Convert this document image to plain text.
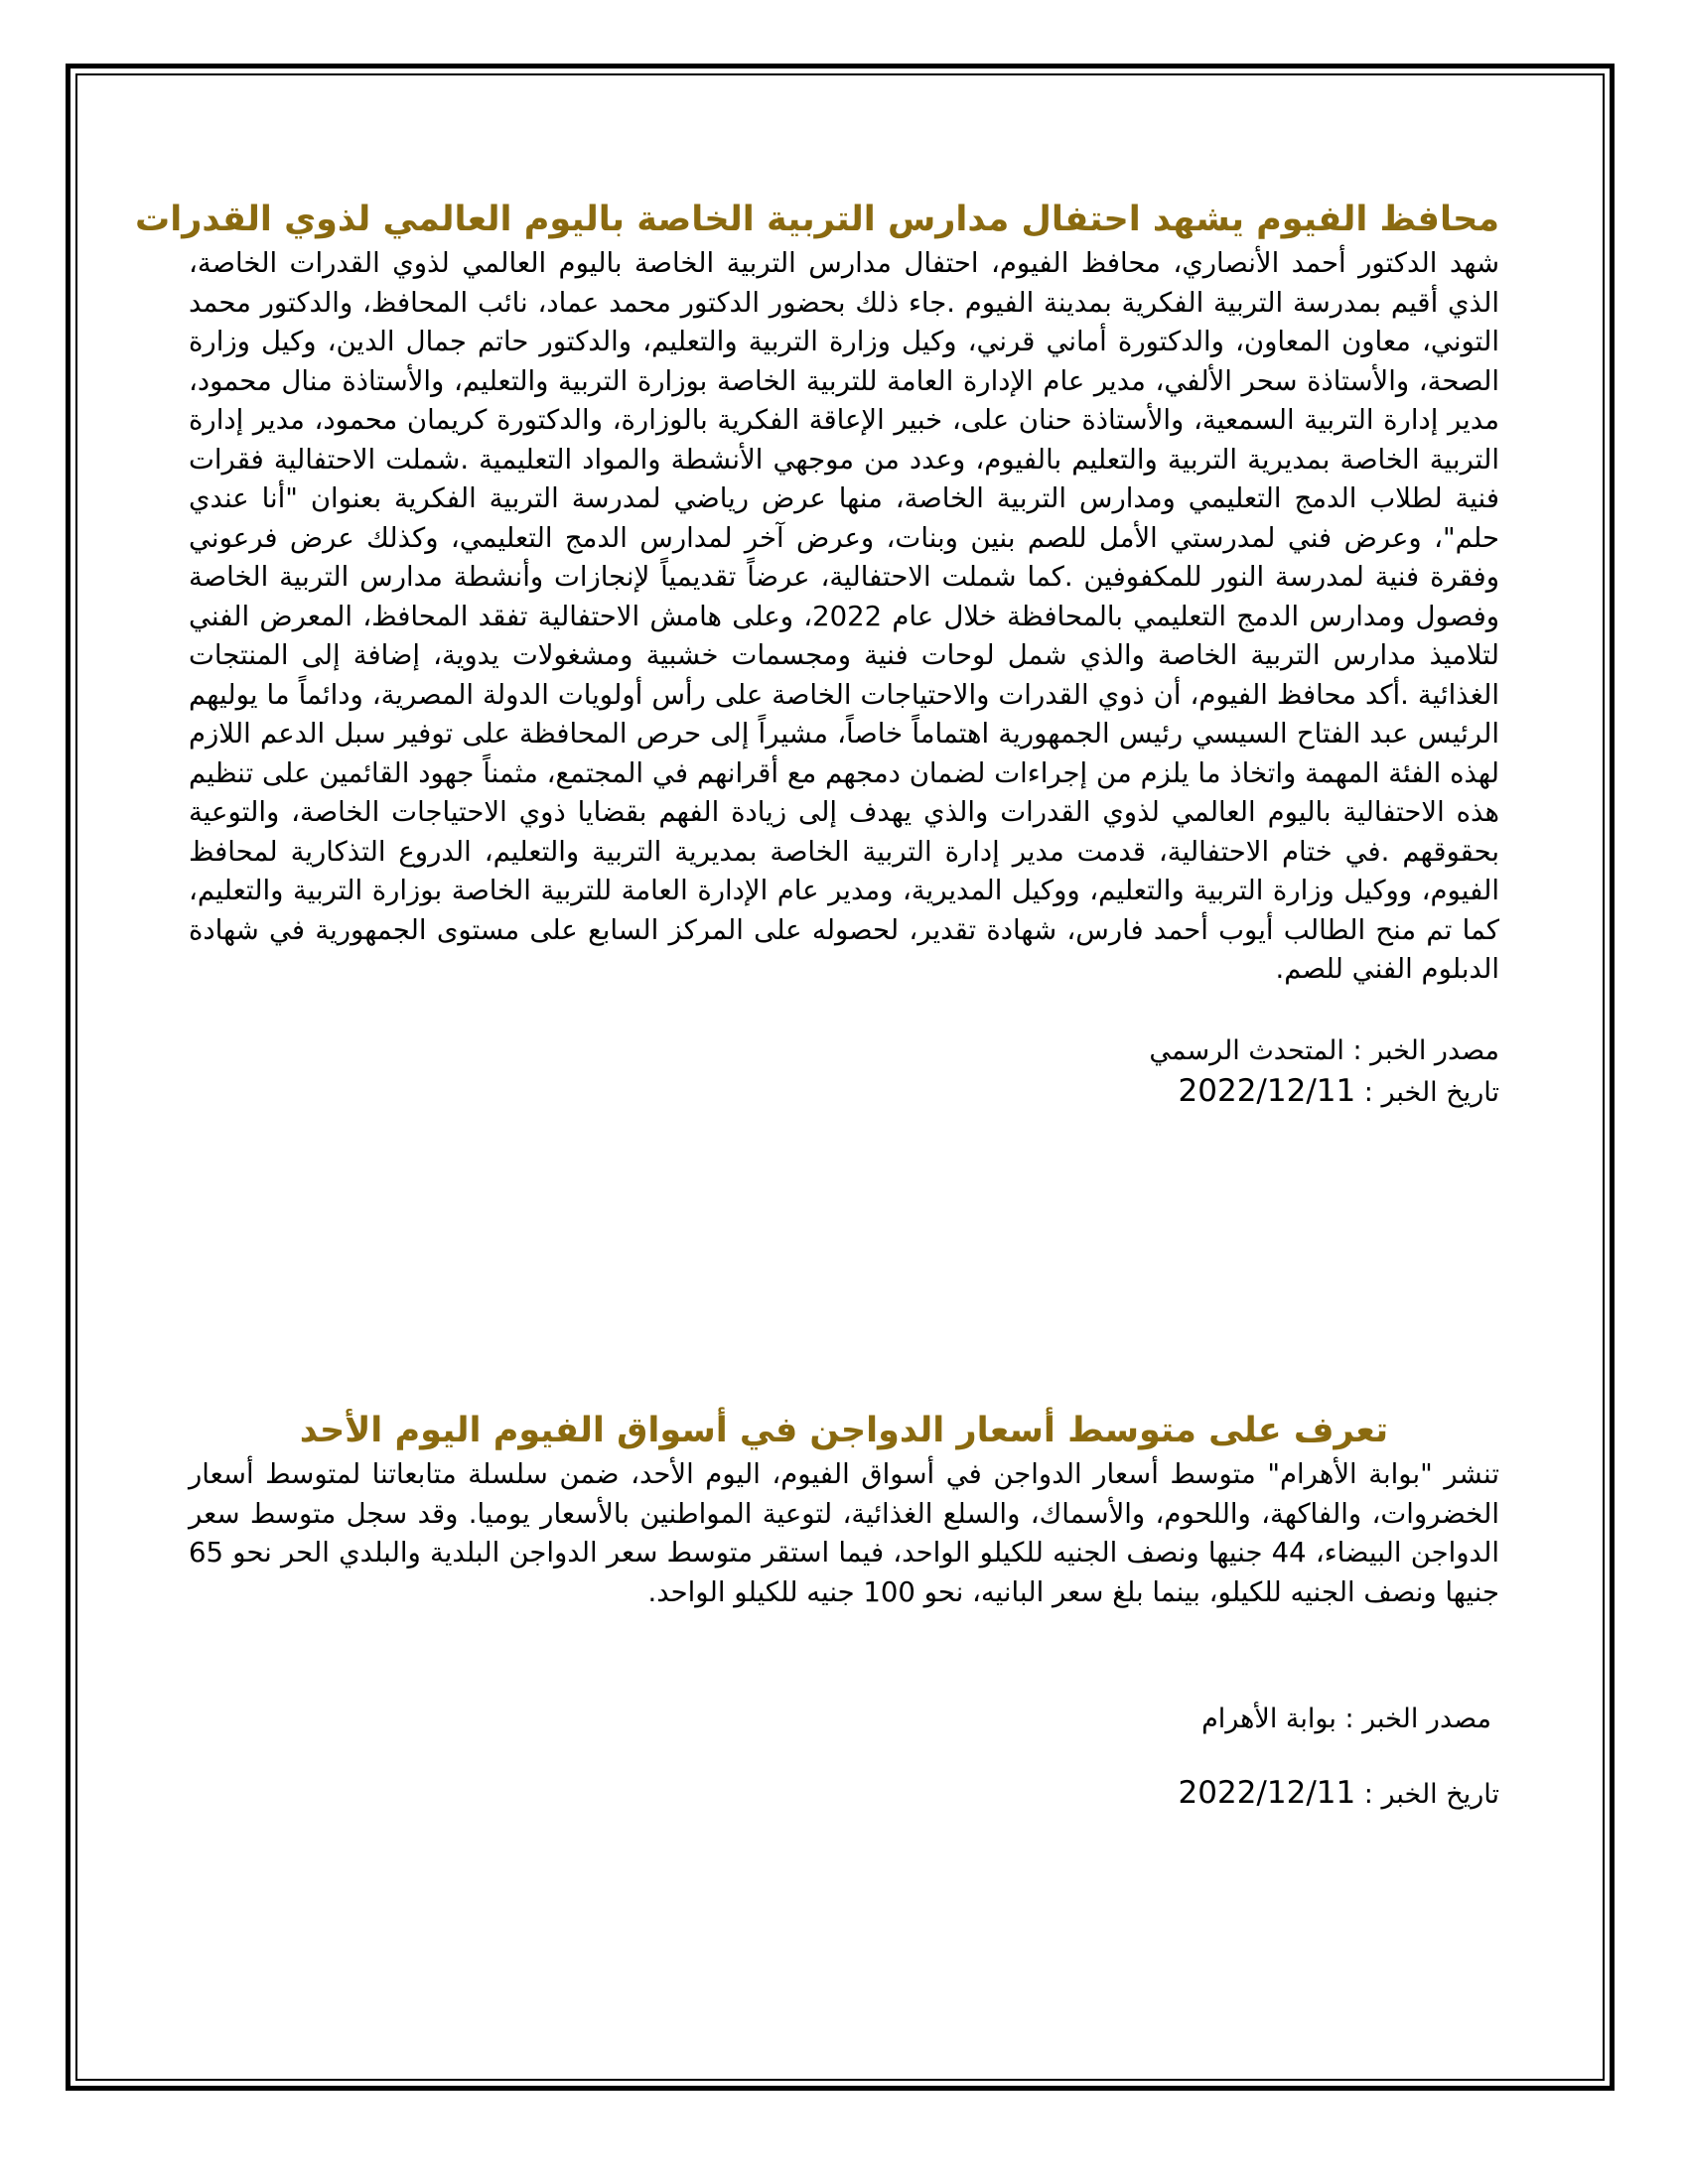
محافظ الفيوم يشهد احتفال مدارس التربية الخاصة باليوم العالمي لذوي القدرات

شهد الدكتور أحمد الأنصاري، محافظ الفيوم، احتفال مدارس التربية الخاصة باليوم العالمي لذوي القدرات الخاصة، الذي أقيم بمدرسة التربية الفكرية بمدينة الفيوم .جاء ذلك بحضور الدكتور محمد عماد، نائب المحافظ، والدكتور محمد التوني، معاون المعاون، والدكتورة أماني قرني، وكيل وزارة التربية والتعليم، والدكتور حاتم جمال الدين، وكيل وزارة الصحة، والأستاذة سحر الألفي، مدير عام الإدارة العامة للتربية الخاصة بوزارة التربية والتعليم، والأستاذة منال محمود، مدير إدارة التربية السمعية، والأستاذة حنان على، خبير الإعاقة الفكرية بالوزارة، والدكتورة كريمان محمود، مدير إدارة التربية الخاصة بمديرية التربية والتعليم بالفيوم، وعدد من موجهي الأنشطة والمواد التعليمية .شملت الاحتفالية فقرات فنية لطلاب الدمج التعليمي ومدارس التربية الخاصة، منها عرض رياضي لمدرسة التربية الفكرية بعنوان "أنا عندي حلم"، وعرض فني لمدرستي الأمل للصم بنين وبنات، وعرض آخر لمدارس الدمج التعليمي، وكذلك عرض فرعوني وفقرة فنية لمدرسة النور للمكفوفين .كما شملت الاحتفالية، عرضاً تقديمياً لإنجازات وأنشطة مدارس التربية الخاصة وفصول ومدارس الدمج التعليمي بالمحافظة خلال عام 2022، وعلى هامش الاحتفالية تفقد المحافظ، المعرض الفني لتلاميذ مدارس التربية الخاصة والذي شمل لوحات فنية ومجسمات خشبية ومشغولات يدوية، إضافة إلى المنتجات الغذائية .أكد محافظ الفيوم، أن ذوي القدرات والاحتياجات الخاصة على رأس أولويات الدولة المصرية، ودائماً ما يوليهم الرئيس عبد الفتاح السيسي رئيس الجمهورية اهتماماً خاصاً، مشيراً إلى حرص المحافظة على توفير سبل الدعم اللازم لهذه الفئة المهمة واتخاذ ما يلزم من إجراءات لضمان دمجهم مع أقرانهم في المجتمع، مثمناً جهود القائمين على تنظيم هذه الاحتفالية باليوم العالمي لذوي القدرات والذي يهدف إلى زيادة الفهم بقضايا ذوي الاحتياجات الخاصة، والتوعية بحقوقهم .في ختام الاحتفالية، قدمت مدير إدارة التربية الخاصة بمديرية التربية والتعليم، الدروع التذكارية لمحافظ الفيوم، ووكيل وزارة التربية والتعليم، ووكيل المديرية، ومدير عام الإدارة العامة للتربية الخاصة بوزارة التربية والتعليم، كما تم منح الطالب أيوب أحمد فارس، شهادة تقدير، لحصوله على المركز السابع على مستوى الجمهورية في شهادة الدبلوم الفني للصم.

مصدر الخبر : المتحدث الرسمي

تاريخ الخبر : 2022/12/11

تعرف على متوسط أسعار الدواجن في أسواق الفيوم اليوم الأحد

تنشر "بوابة الأهرام" متوسط أسعار الدواجن في أسواق الفيوم، اليوم الأحد، ضمن سلسلة متابعاتنا لمتوسط أسعار الخضروات، والفاكهة، واللحوم، والأسماك، والسلع الغذائية، لتوعية المواطنين بالأسعار يوميا. وقد سجل متوسط سعر الدواجن البيضاء، 44 جنيها ونصف الجنيه للكيلو الواحد، فيما استقر متوسط سعر الدواجن البلدية والبلدي الحر نحو 65 جنيها ونصف الجنيه للكيلو، بينما بلغ سعر البانيه، نحو 100 جنيه للكيلو الواحد.

مصدر الخبر : بوابة الأهرام

تاريخ الخبر : 2022/12/11
